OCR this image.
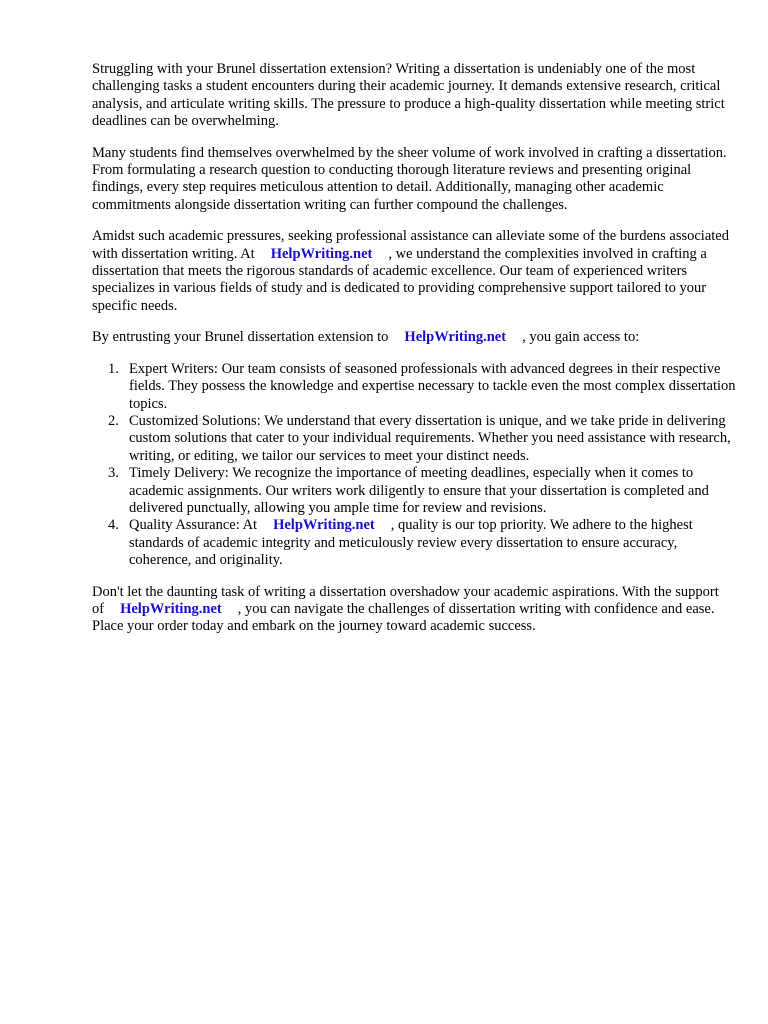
Struggling with your Brunel dissertation extension? Writing a dissertation is undeniably one of the most challenging tasks a student encounters during their academic journey. It demands extensive research, critical analysis, and articulate writing skills. The pressure to produce a high-quality dissertation while meeting strict deadlines can be overwhelming.

Many students find themselves overwhelmed by the sheer volume of work involved in crafting a dissertation. From formulating a research question to conducting thorough literature reviews and presenting original findings, every step requires meticulous attention to detail. Additionally, managing other academic commitments alongside dissertation writing can further compound the challenges.

Amidst such academic pressures, seeking professional assistance can alleviate some of the burdens associated with dissertation writing. At HelpWriting.net , we understand the complexities involved in crafting a dissertation that meets the rigorous standards of academic excellence. Our team of experienced writers specializes in various fields of study and is dedicated to providing comprehensive support tailored to your specific needs.

By entrusting your Brunel dissertation extension to HelpWriting.net , you gain access to:

1. Expert Writers: Our team consists of seasoned professionals with advanced degrees in their respective fields. They possess the knowledge and expertise necessary to tackle even the most complex dissertation topics.
2. Customized Solutions: We understand that every dissertation is unique, and we take pride in delivering custom solutions that cater to your individual requirements. Whether you need assistance with research, writing, or editing, we tailor our services to meet your distinct needs.
3. Timely Delivery: We recognize the importance of meeting deadlines, especially when it comes to academic assignments. Our writers work diligently to ensure that your dissertation is completed and delivered punctually, allowing you ample time for review and revisions.
4. Quality Assurance: At HelpWriting.net , quality is our top priority. We adhere to the highest standards of academic integrity and meticulously review every dissertation to ensure accuracy, coherence, and originality.

Don't let the daunting task of writing a dissertation overshadow your academic aspirations. With the support of HelpWriting.net , you can navigate the challenges of dissertation writing with confidence and ease. Place your order today and embark on the journey toward academic success.
